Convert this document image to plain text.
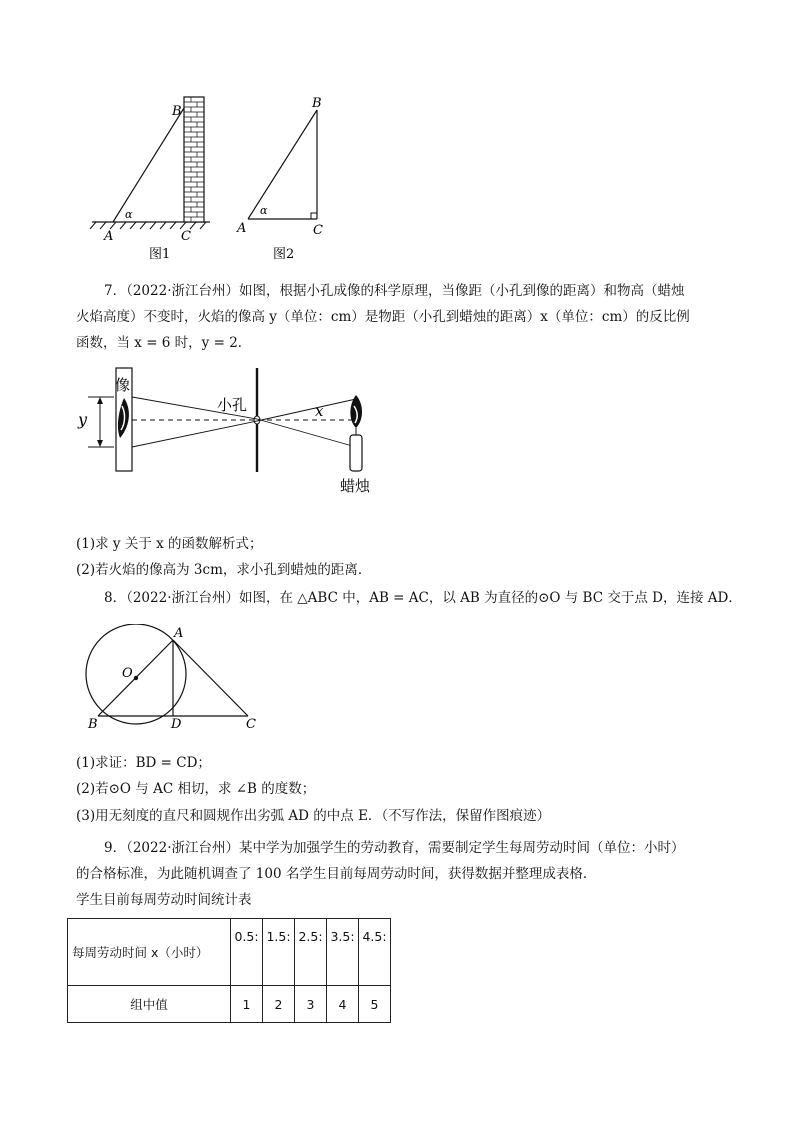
B
α
A	C
图1
B
α
A	C
图2
7．（2022·浙江台州）如图，根据小孔成像的科学原理，当像距（小孔到像的距离）和物高（蜡烛
火焰高度）不变时，火焰的像高 y（单位：cm）是物距（小孔到蜡烛的距离）x（单位：cm）的反比例
函数，当 x = 6 时，y = 2．
像
y
小孔	x
蜡烛
(1)求 y 关于 x 的函数解析式；
(2)若火焰的像高为 3cm，求小孔到蜡烛的距离．
8．（2022·浙江台州）如图，在 △ABC 中，AB = AC，以 AB 为直径的⊙O 与 BC 交于点 D，连接 AD．
A
O
B	D	C
(1)求证：BD = CD；
(2)若⊙O 与 AC 相切，求 ∠B 的度数；
(3)用无刻度的直尺和圆规作出劣弧 AD 的中点 E．（不写作法，保留作图痕迹）
9．（2022·浙江台州）某中学为加强学生的劳动教育，需要制定学生每周劳动时间（单位：小时）
的合格标准，为此随机调查了 100 名学生目前每周劳动时间，获得数据并整理成表格．
学生目前每周劳动时间统计表
每周劳动时间 x（小时）	0.5:	1.5:	2.5:	3.5:	4.5:
组中值	1	2	3	4	5
